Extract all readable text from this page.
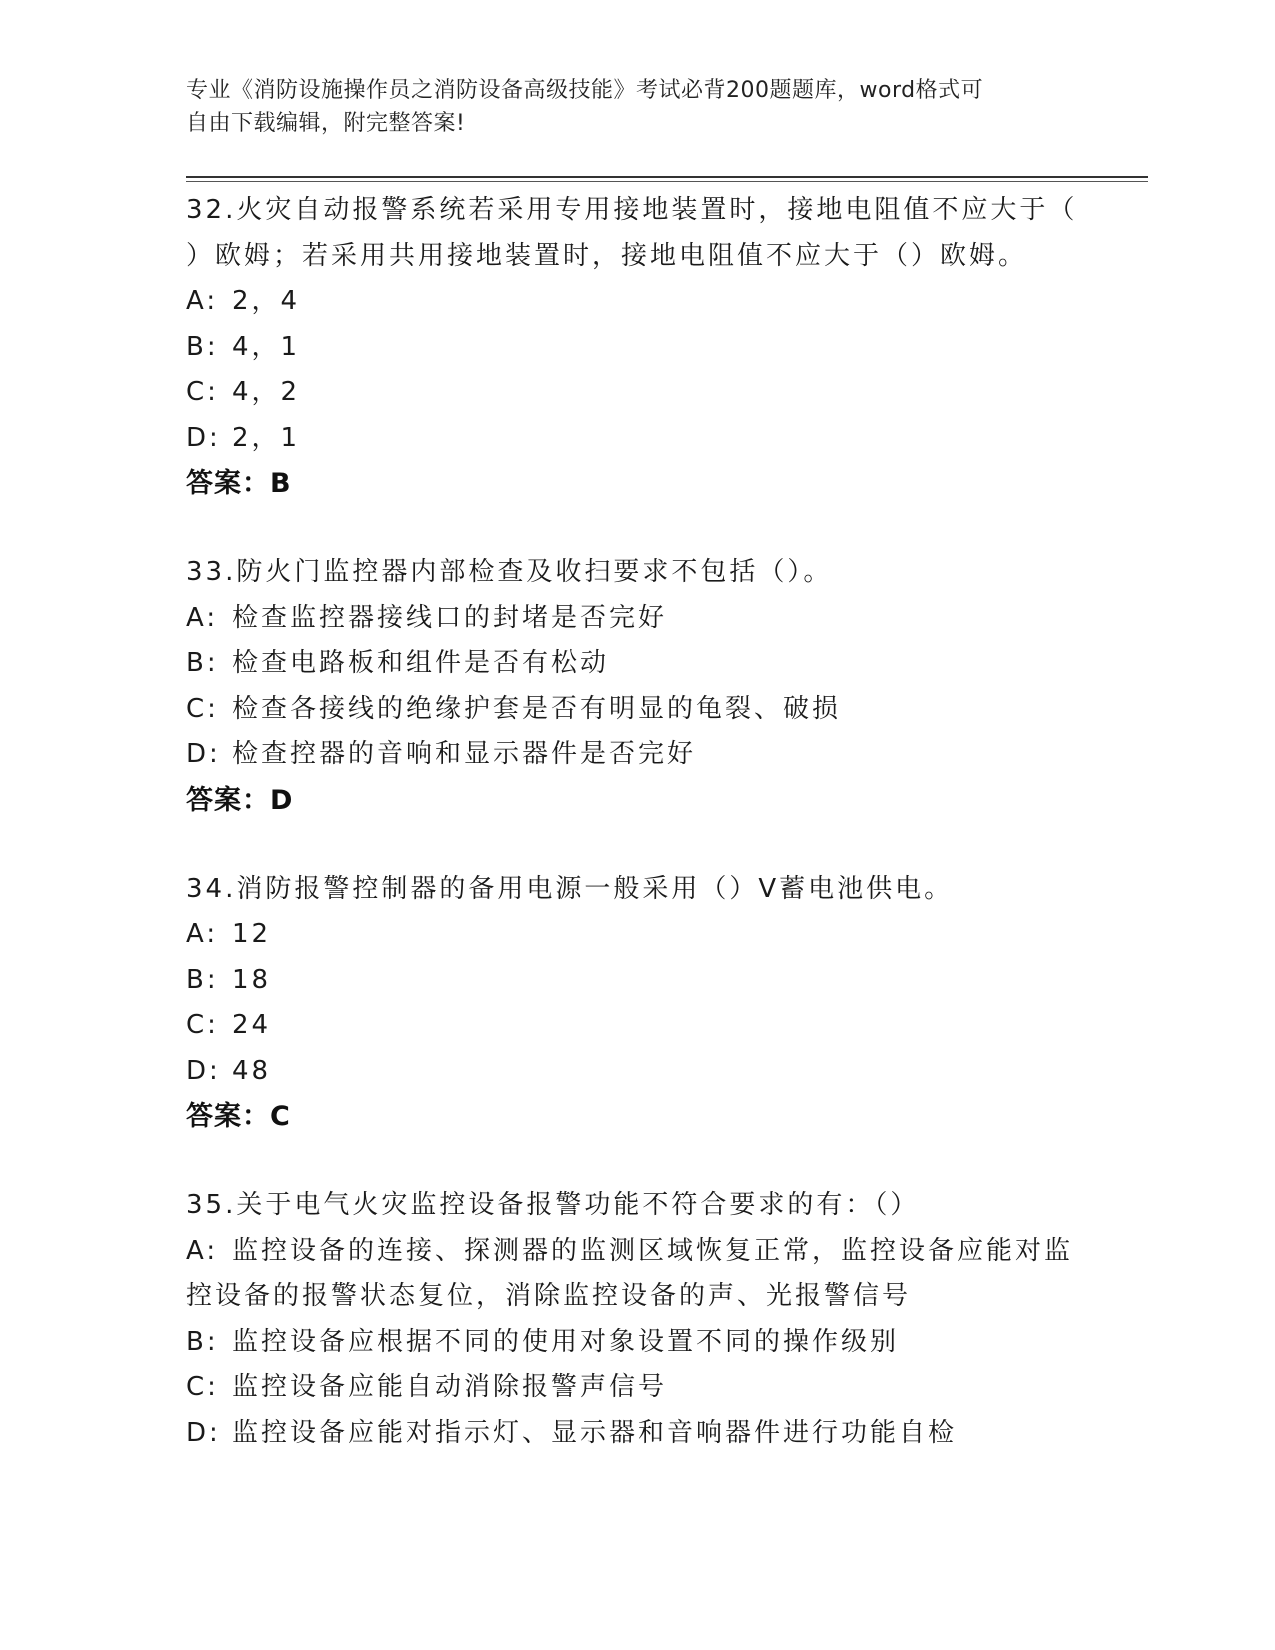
专业《消防设施操作员之消防设备高级技能》考试必背200题题库，word格式可
自由下载编辑，附完整答案!
32.火灾自动报警系统若采用专用接地装置时，接地电阻值不应大于（
）欧姆；若采用共用接地装置时，接地电阻值不应大于（）欧姆。
A: 2，4
B: 4，1
C: 4，2
D: 2，1
答案：B
33.防火门监控器内部检查及收扫要求不包括（）。
A: 检查监控器接线口的封堵是否完好
B: 检查电路板和组件是否有松动
C: 检查各接线的绝缘护套是否有明显的龟裂、破损
D: 检查控器的音响和显示器件是否完好
答案：D
34.消防报警控制器的备用电源一般采用（）V蓄电池供电。
A: 12
B: 18
C: 24
D: 48
答案：C
35.关于电气火灾监控设备报警功能不符合要求的有：（）
A: 监控设备的连接、探测器的监测区域恢复正常，监控设备应能对监
控设备的报警状态复位，消除监控设备的声、光报警信号
B: 监控设备应根据不同的使用对象设置不同的操作级别
C: 监控设备应能自动消除报警声信号
D: 监控设备应能对指示灯、显示器和音响器件进行功能自检
